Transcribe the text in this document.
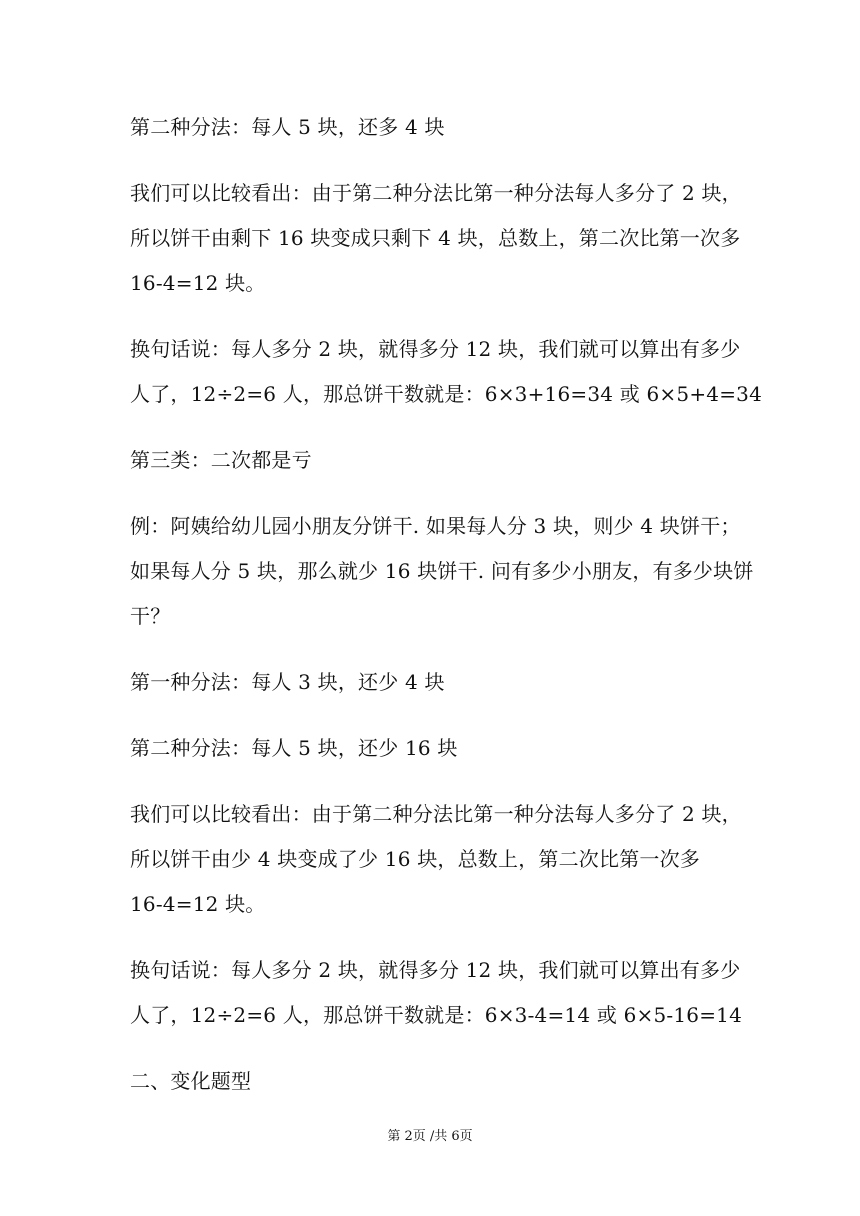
第二种分法：每人 5 块，还多 4 块
我们可以比较看出：由于第二种分法比第一种分法每人多分了 2 块，
所以饼干由剩下 16 块变成只剩下 4 块，总数上，第二次比第一次多
16-4=12 块。
换句话说：每人多分 2 块，就得多分 12 块，我们就可以算出有多少
人了，12÷2=6 人，那总饼干数就是：6×3+16=34 或 6×5+4=34
第三类：二次都是亏
例：阿姨给幼儿园小朋友分饼干. 如果每人分 3 块，则少 4 块饼干；
如果每人分 5 块，那么就少 16 块饼干. 问有多少小朋友，有多少块饼
干？
第一种分法：每人 3 块，还少 4 块
第二种分法：每人 5 块，还少 16 块
我们可以比较看出：由于第二种分法比第一种分法每人多分了 2 块，
所以饼干由少 4 块变成了少 16 块，总数上，第二次比第一次多
16-4=12 块。
换句话说：每人多分 2 块，就得多分 12 块，我们就可以算出有多少
人了，12÷2=6 人，那总饼干数就是：6×3-4=14 或 6×5-16=14
二、变化题型
第 2页 /共 6页
